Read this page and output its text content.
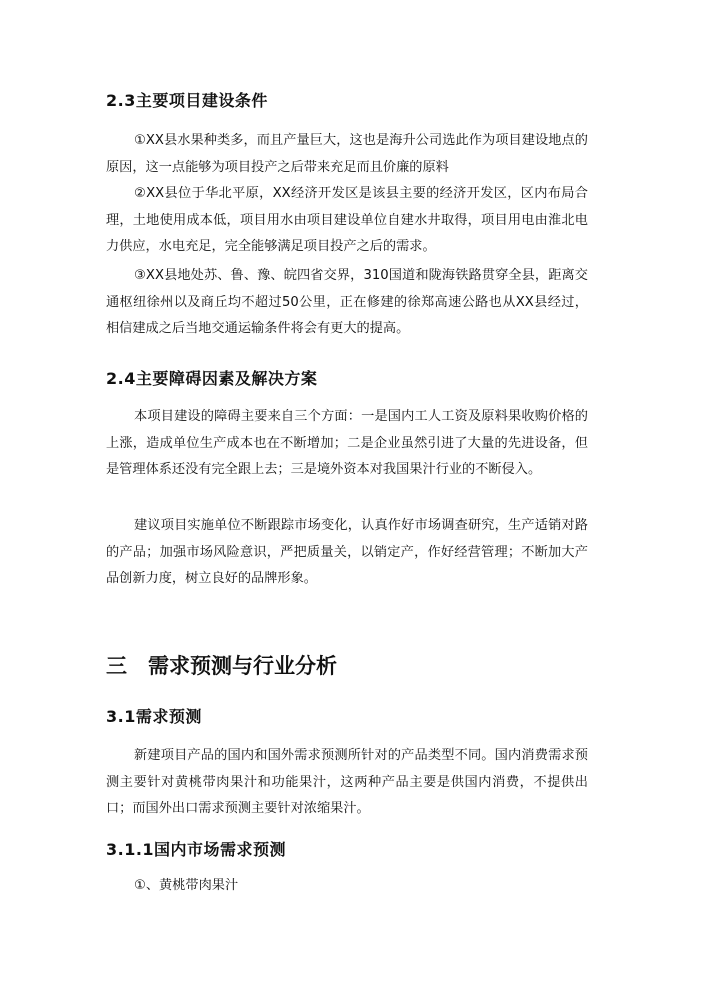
2.3主要项目建设条件

①XX县水果种类多，而且产量巨大，这也是海升公司选此作为项目建设地点的原因，这一点能够为项目投产之后带来充足而且价廉的原料

②XX县位于华北平原，XX经济开发区是该县主要的经济开发区，区内布局合理，土地使用成本低，项目用水由项目建设单位自建水井取得，项目用电由淮北电力供应，水电充足，完全能够满足项目投产之后的需求。

③XX县地处苏、鲁、豫、皖四省交界，310国道和陇海铁路贯穿全县，距离交通枢纽徐州以及商丘均不超过50公里，正在修建的徐郑高速公路也从XX县经过，相信建成之后当地交通运输条件将会有更大的提高。

2.4主要障碍因素及解决方案

本项目建设的障碍主要来自三个方面：一是国内工人工资及原料果收购价格的上涨，造成单位生产成本也在不断增加；二是企业虽然引进了大量的先进设备，但是管理体系还没有完全跟上去；三是境外资本对我国果汁行业的不断侵入。

建议项目实施单位不断跟踪市场变化，认真作好市场调查研究，生产适销对路的产品；加强市场风险意识，严把质量关，以销定产，作好经营管理；不断加大产品创新力度，树立良好的品牌形象。

三 需求预测与行业分析
3.1需求预测

新建项目产品的国内和国外需求预测所针对的产品类型不同。国内消费需求预测主要针对黄桃带肉果汁和功能果汁，这两种产品主要是供国内消费，不提供出口；而国外出口需求预测主要针对浓缩果汁。

3.1.1国内市场需求预测

①、黄桃带肉果汁
